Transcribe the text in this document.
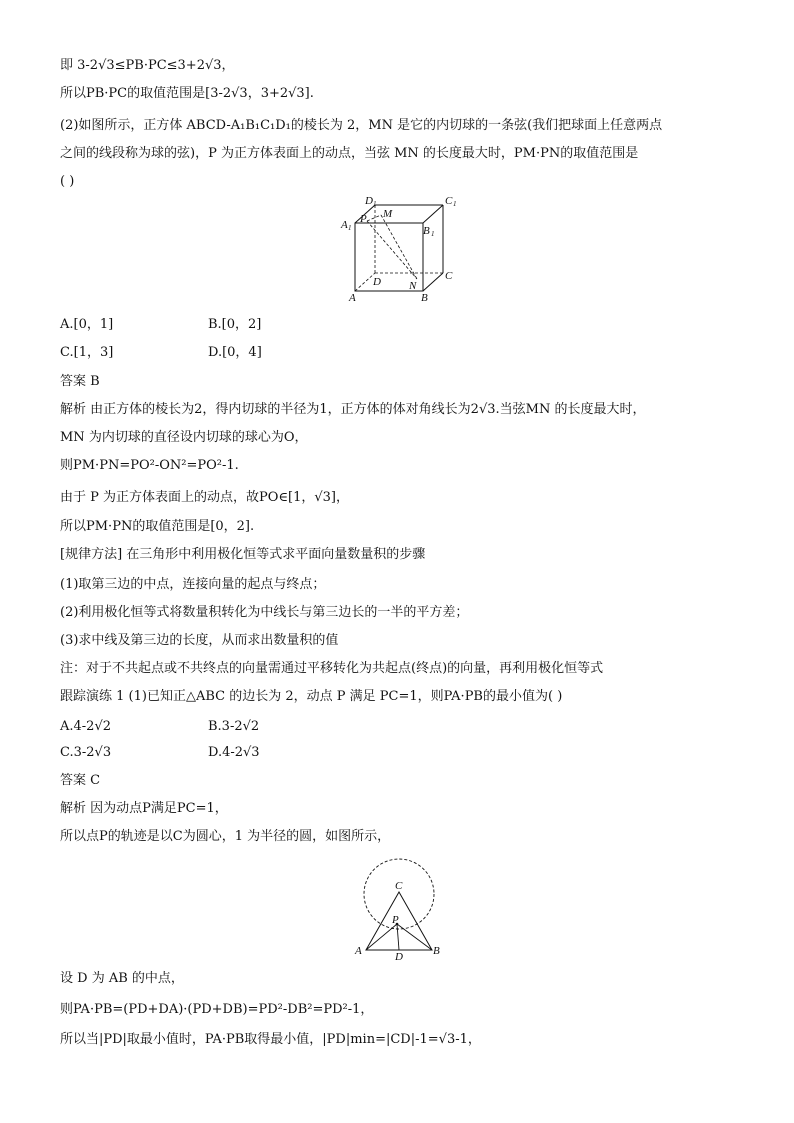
即 3-2√3≤PB·PC≤3+2√3，
所以PB·PC的取值范围是[3-2√3，3+2√3].
(2)如图所示，正方体 ABCD-A₁B₁C₁D₁的棱长为 2，MN 是它的内切球的一条弦(我们把球面上任意两点
之间的线段称为球的弦)，P 为正方体表面上的动点，当弦 MN 的长度最大时，PM·PN的取值范围是
( )
D 1
M
C 1
A 1
P
B 1
D	C
N
A	B
A.[0，1]	B.[0，2]
C.[1，3]	D.[0，4]
答案 B
解析 由正方体的棱长为2，得内切球的半径为1，正方体的体对角线长为2√3.当弦MN 的长度最大时，
MN 为内切球的直径设内切球的球心为O，
则PM·PN=PO²-ON²=PO²-1.
由于 P 为正方体表面上的动点，故PO∈[1，√3]，
所以PM·PN的取值范围是[0，2].
[规律方法] 在三角形中利用极化恒等式求平面向量数量积的步骤
(1)取第三边的中点，连接向量的起点与终点；
(2)利用极化恒等式将数量积转化为中线长与第三边长的一半的平方差；
(3)求中线及第三边的长度，从而求出数量积的值
注：对于不共起点或不共终点的向量需通过平移转化为共起点(终点)的向量，再利用极化恒等式
跟踪演练 1 (1)已知正△ABC 的边长为 2，动点 P 满足 PC=1，则PA·PB的最小值为( )
A.4-2√2	B.3-2√2
C.3-2√3	D.4-2√3
答案 C
解析 因为动点P满足PC=1，
所以点P的轨迹是以C为圆心，1 为半径的圆，如图所示，
C
P
A	D	B
设 D 为 AB 的中点，
则PA·PB=(PD+DA)·(PD+DB)=PD²-DB²=PD²-1，
所以当|PD|取最小值时，PA·PB取得最小值，|PD|min=|CD|-1=√3-1，
